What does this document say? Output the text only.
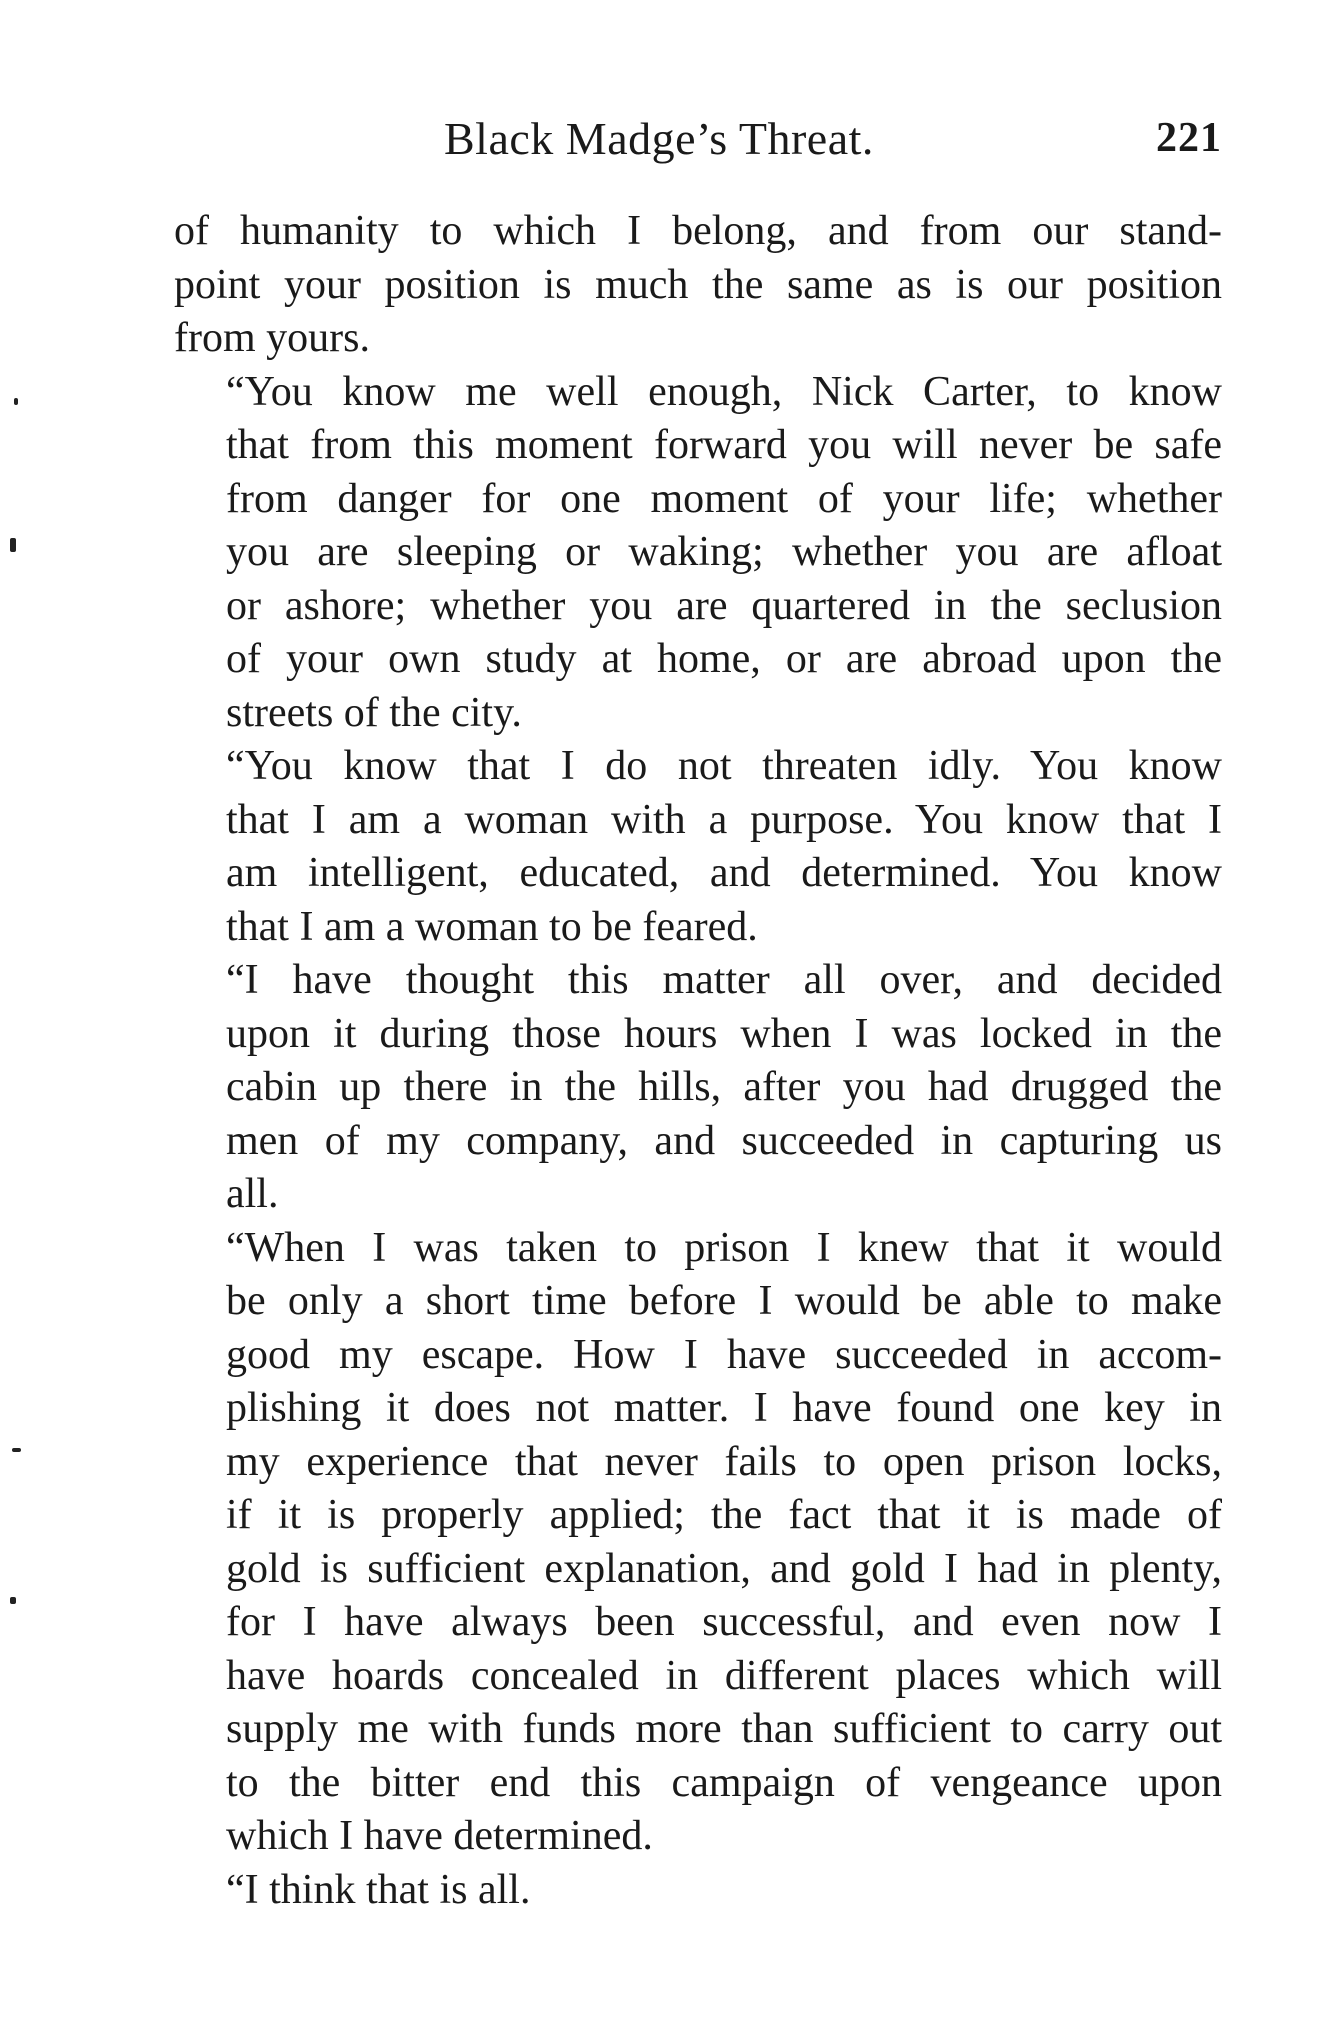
Black Madge’s Threat.	221

of humanity to which I belong, and from our stand-
point your position is much the same as is our position
from yours.

“You know me well enough, Nick Carter, to know
that from this moment forward you will never be safe
from danger for one moment of your life; whether
you are sleeping or waking; whether you are afloat
or ashore; whether you are quartered in the seclusion
of your own study at home, or are abroad upon the
streets of the city.

“You know that I do not threaten idly. You know
that I am a woman with a purpose. You know that I
am intelligent, educated, and determined. You know
that I am a woman to be feared.

“I have thought this matter all over, and decided
upon it during those hours when I was locked in the
cabin up there in the hills, after you had drugged the
men of my company, and succeeded in capturing us
all.

“When I was taken to prison I knew that it would
be only a short time before I would be able to make
good my escape. How I have succeeded in accom-
plishing it does not matter. I have found one key in
my experience that never fails to open prison locks,
if it is properly applied; the fact that it is made of
gold is sufficient explanation, and gold I had in plenty,
for I have always been successful, and even now I
have hoards concealed in different places which will
supply me with funds more than sufficient to carry out
to the bitter end this campaign of vengeance upon
which I have determined.

“I think that is all.
